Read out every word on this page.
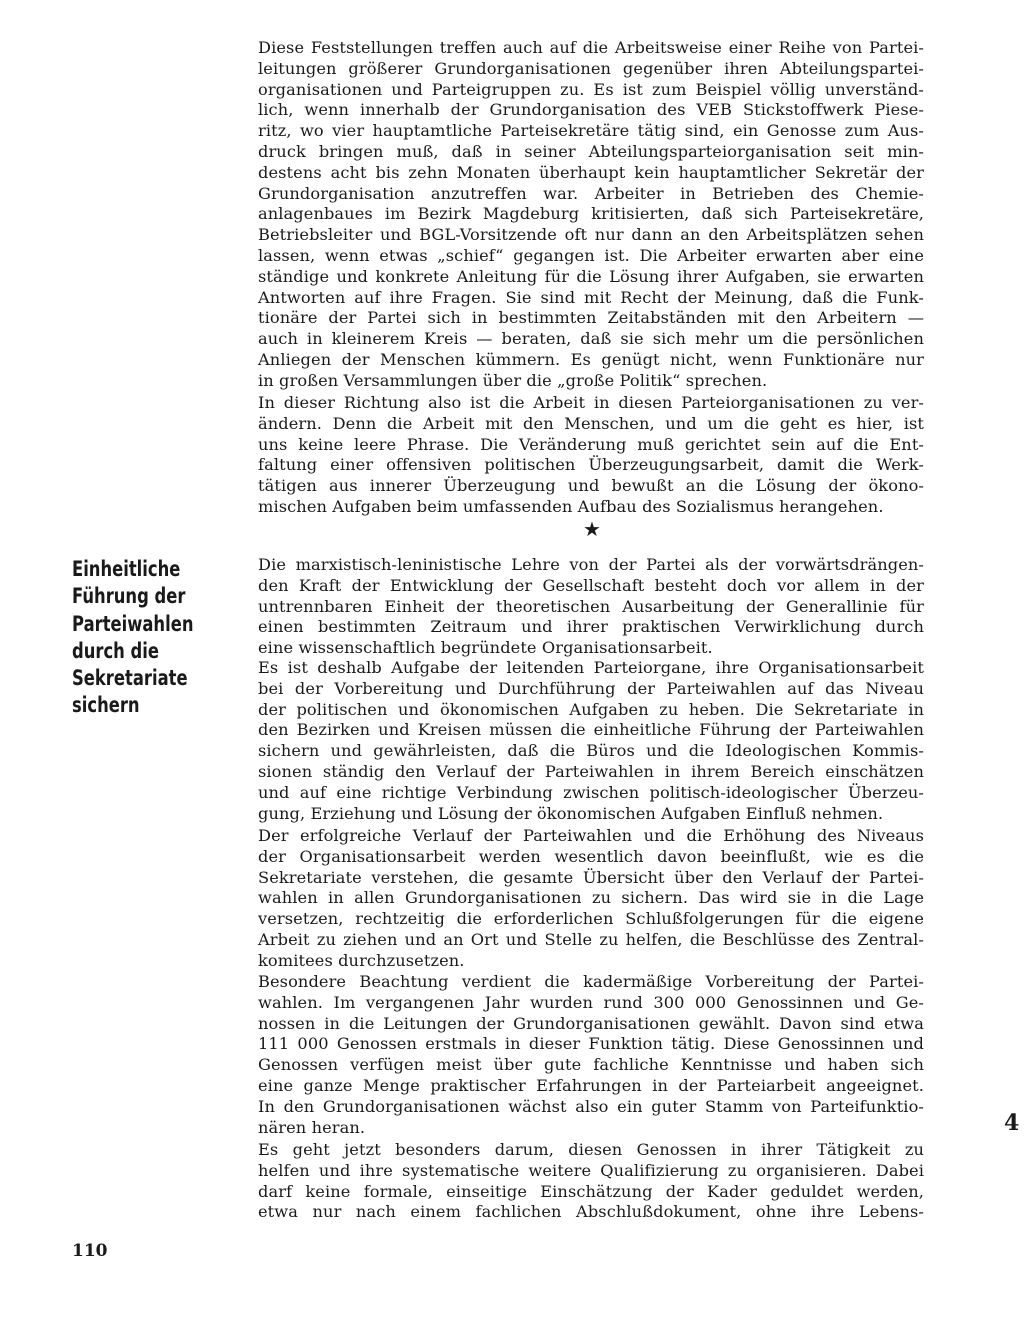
Diese Feststellungen treffen auch auf die Arbeitsweise einer Reihe von Partei-
leitungen größerer Grundorganisationen gegenüber ihren Abteilungspartei-
organisationen und Parteigruppen zu. Es ist zum Beispiel völlig unverständ-
lich, wenn innerhalb der Grundorganisation des VEB Stickstoffwerk Piese-
ritz, wo vier hauptamtliche Parteisekretäre tätig sind, ein Genosse zum Aus-
druck bringen muß, daß in seiner Abteilungsparteiorganisation seit min-
destens acht bis zehn Monaten überhaupt kein hauptamtlicher Sekretär der
Grundorganisation anzutreffen war. Arbeiter in Betrieben des Chemie-
anlagenbaues im Bezirk Magdeburg kritisierten, daß sich Parteisekretäre,
Betriebsleiter und BGL-Vorsitzende oft nur dann an den Arbeitsplätzen sehen
lassen, wenn etwas „schief“ gegangen ist. Die Arbeiter erwarten aber eine
ständige und konkrete Anleitung für die Lösung ihrer Aufgaben, sie erwarten
Antworten auf ihre Fragen. Sie sind mit Recht der Meinung, daß die Funk-
tionäre der Partei sich in bestimmten Zeitabständen mit den Arbeitern —
auch in kleinerem Kreis — beraten, daß sie sich mehr um die persönlichen
Anliegen der Menschen kümmern. Es genügt nicht, wenn Funktionäre nur
in großen Versammlungen über die „große Politik“ sprechen.
In dieser Richtung also ist die Arbeit in diesen Parteiorganisationen zu ver-
ändern. Denn die Arbeit mit den Menschen, und um die geht es hier, ist
uns keine leere Phrase. Die Veränderung muß gerichtet sein auf die Ent-
faltung einer offensiven politischen Überzeugungsarbeit, damit die Werk-
tätigen aus innerer Überzeugung und bewußt an die Lösung der ökono-
mischen Aufgaben beim umfassenden Aufbau des Sozialismus herangehen.
★
Einheitliche
Führung der
Parteiwahlen
durch die
Sekretariate
sichern
Die marxistisch-leninistische Lehre von der Partei als der vorwärtsdrängen-
den Kraft der Entwicklung der Gesellschaft besteht doch vor allem in der
untrennbaren Einheit der theoretischen Ausarbeitung der Generallinie für
einen bestimmten Zeitraum und ihrer praktischen Verwirklichung durch
eine wissenschaftlich begründete Organisationsarbeit.
Es ist deshalb Aufgabe der leitenden Parteiorgane, ihre Organisationsarbeit
bei der Vorbereitung und Durchführung der Parteiwahlen auf das Niveau
der politischen und ökonomischen Aufgaben zu heben. Die Sekretariate in
den Bezirken und Kreisen müssen die einheitliche Führung der Parteiwahlen
sichern und gewährleisten, daß die Büros und die Ideologischen Kommis-
sionen ständig den Verlauf der Parteiwahlen in ihrem Bereich einschätzen
und auf eine richtige Verbindung zwischen politisch-ideologischer Überzeu-
gung, Erziehung und Lösung der ökonomischen Aufgaben Einfluß nehmen.
Der erfolgreiche Verlauf der Parteiwahlen und die Erhöhung des Niveaus
der Organisationsarbeit werden wesentlich davon beeinflußt, wie es die
Sekretariate verstehen, die gesamte Übersicht über den Verlauf der Partei-
wahlen in allen Grundorganisationen zu sichern. Das wird sie in die Lage
versetzen, rechtzeitig die erforderlichen Schlußfolgerungen für die eigene
Arbeit zu ziehen und an Ort und Stelle zu helfen, die Beschlüsse des Zentral-
komitees durchzusetzen.
Besondere Beachtung verdient die kadermäßige Vorbereitung der Partei-
wahlen. Im vergangenen Jahr wurden rund 300 000 Genossinnen und Ge-
nossen in die Leitungen der Grundorganisationen gewählt. Davon sind etwa
111 000 Genossen erstmals in dieser Funktion tätig. Diese Genossinnen und
Genossen verfügen meist über gute fachliche Kenntnisse und haben sich
eine ganze Menge praktischer Erfahrungen in der Parteiarbeit angeeignet.
In den Grundorganisationen wächst also ein guter Stamm von Parteifunktio-
nären heran.
Es geht jetzt besonders darum, diesen Genossen in ihrer Tätigkeit zu
helfen und ihre systematische weitere Qualifizierung zu organisieren. Dabei
darf keine formale, einseitige Einschätzung der Kader geduldet werden,
etwa nur nach einem fachlichen Abschlußdokument, ohne ihre Lebens-
4
110
